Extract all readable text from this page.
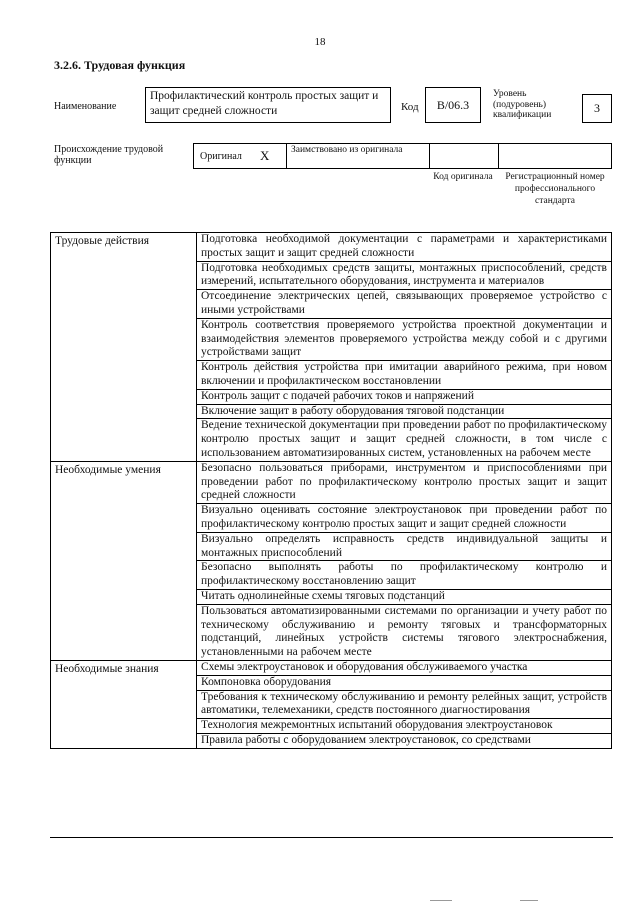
18
3.2.6. Трудовая функция
Наименование
Профилактический контроль простых защит и защит средней сложности	Код В/06.3
Уровень (подуровень) квалификации	3
Происхождение трудовой функции	Оригинал X Заимствовано из оригинала
Код оригинала Регистрационный номер профессионального стандарта
Трудовые действия	Подготовка необходимой документации с параметрами и характеристиками простых защит и защит средней сложности
	Подготовка необходимых средств защиты, монтажных приспособлений, средств измерений, испытательного оборудования, инструмента и материалов
	Отсоединение электрических цепей, связывающих проверяемое устройство с иными устройствами
	Контроль соответствия проверяемого устройства проектной документации и взаимодействия элементов проверяемого устройства между собой и с другими устройствами защит
	Контроль действия устройства при имитации аварийного режима, при новом включении и профилактическом восстановлении
	Контроль защит с подачей рабочих токов и напряжений
	Включение защит в работу оборудования тяговой подстанции
	Ведение технической документации при проведении работ по профилактическому контролю простых защит и защит средней сложности, в том числе с использованием автоматизированных систем, установленных на рабочем месте
Необходимые умения	Безопасно пользоваться приборами, инструментом и приспособлениями при проведении работ по профилактическому контролю простых защит и защит средней сложности
	Визуально оценивать состояние электроустановок при проведении работ по профилактическому контролю простых защит и защит средней сложности
	Визуально определять исправность средств индивидуальной защиты и монтажных приспособлений
	Безопасно выполнять работы по профилактическому контролю и профилактическому восстановлению защит
	Читать однолинейные схемы тяговых подстанций
	Пользоваться автоматизированными системами по организации и учету работ по техническому обслуживанию и ремонту тяговых и трансформаторных подстанций, линейных устройств системы тягового электроснабжения, установленными на рабочем месте
Необходимые знания	Схемы электроустановок и оборудования обслуживаемого участка
	Компоновка оборудования
	Требования к техническому обслуживанию и ремонту релейных защит, устройств автоматики, телемеханики, средств постоянного диагностирования
	Технология межремонтных испытаний оборудования электроустановок
	Правила работы с оборудованием электроустановок, со средствами
